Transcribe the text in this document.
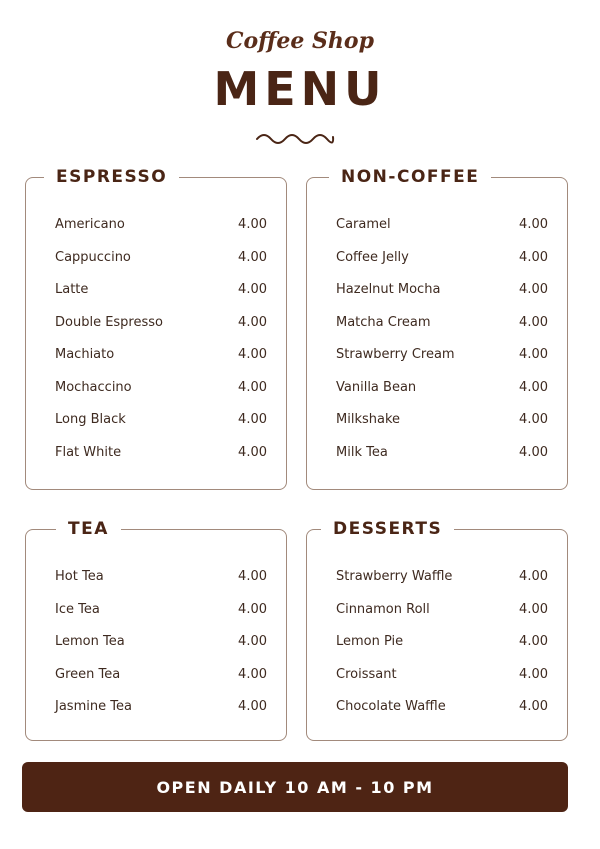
Coffee Shop
MENU
ESPRESSO
Americano	4.00
Cappuccino	4.00
Latte	4.00
Double Espresso	4.00
Machiato	4.00
Mochaccino	4.00
Long Black	4.00
Flat White	4.00
NON-COFFEE
Caramel	4.00
Coffee Jelly	4.00
Hazelnut Mocha	4.00
Matcha Cream	4.00
Strawberry Cream	4.00
Vanilla Bean	4.00
Milkshake	4.00
Milk Tea	4.00
TEA
Hot Tea	4.00
Ice Tea	4.00
Lemon Tea	4.00
Green Tea	4.00
Jasmine Tea	4.00
DESSERTS
Strawberry Waffle	4.00
Cinnamon Roll	4.00
Lemon Pie	4.00
Croissant	4.00
Chocolate Waffle	4.00
OPEN DAILY 10 AM - 10 PM
